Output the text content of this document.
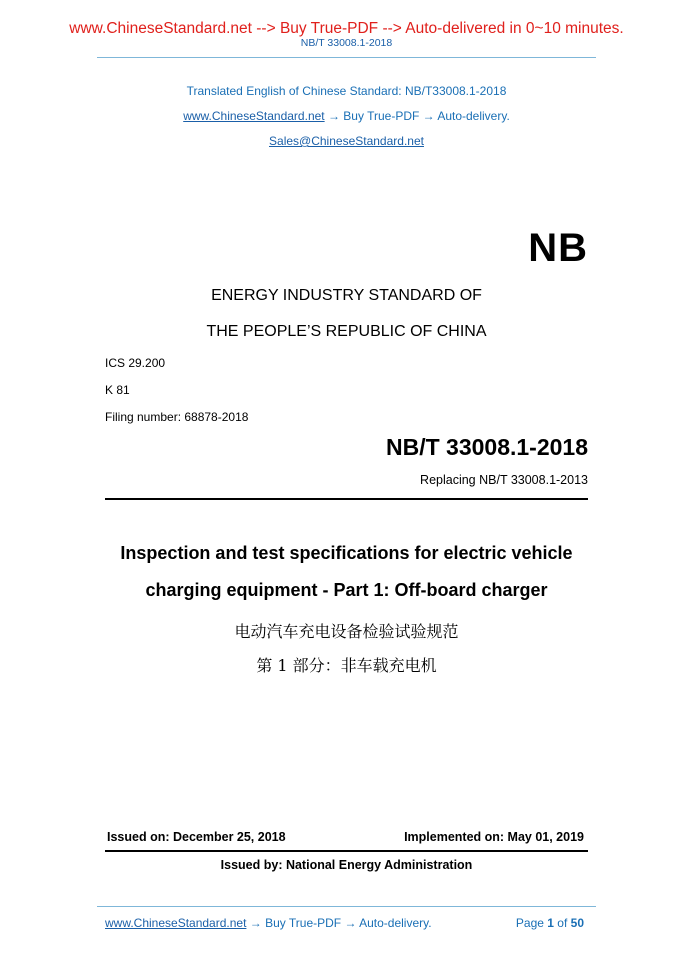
www.ChineseStandard.net --> Buy True-PDF --> Auto-delivered in 0~10 minutes.
NB/T 33008.1-2018
Translated English of Chinese Standard: NB/T33008.1-2018
www.ChineseStandard.net → Buy True-PDF → Auto-delivery.
Sales@ChineseStandard.net
NB
ENERGY INDUSTRY STANDARD OF
THE PEOPLE’S REPUBLIC OF CHINA
ICS 29.200
K 81
Filing number: 68878-2018
NB/T 33008.1-2018
Replacing NB/T 33008.1-2013
Inspection and test specifications for electric vehicle
charging equipment - Part 1: Off-board charger
电动汽车充电设备检验试验规范
第 1 部分：非车载充电机
Issued on: December 25, 2018	Implemented on: May 01, 2019
Issued by: National Energy Administration
www.ChineseStandard.net → Buy True-PDF → Auto-delivery.	Page 1 of 50
